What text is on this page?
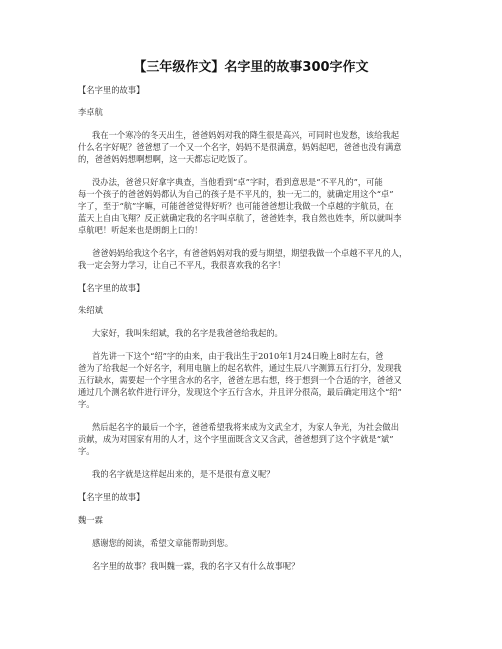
【三年级作文】名字里的故事300字作文
【名字里的故事】
李卓航
我在一个寒冷的冬天出生，爸爸妈妈对我的降生很是高兴，可同时也发愁，该给我起
什么名字好呢？爸爸想了一个又一个名字，妈妈不是很满意，妈妈起吧，爸爸也没有满意
的，爸爸妈妈想啊想啊，这一天都忘记吃饭了。
没办法，爸爸只好拿字典查，当他看到“卓”字时，看到意思是“不平凡的”，可能
每一个孩子的爸爸妈妈都认为自己的孩子是不平凡的，独一无二的，就确定用这个“卓”
字了，至于“航”字嘛，可能爸爸觉得好听？也可能爸爸想让我做一个卓越的宇航员，在
蓝天上自由飞翔？反正就确定我的名字叫卓航了，爸爸姓李，我自然也姓李，所以就叫李
卓航吧！听起来也是朗朗上口的！
爸爸妈妈给我这个名字，有爸爸妈妈对我的爱与期望，期望我做一个卓越不平凡的人，
我一定会努力学习，让自己不平凡，我很喜欢我的名字！
【名字里的故事】
朱绍斌
大家好，我叫朱绍斌，我的名字是我爸爸给我起的。
首先讲一下这个“绍”字的由来，由于我出生于2010年1月24日晚上8时左右，爸
爸为了给我起一个好名字，利用电脑上的起名软件，通过生辰八字测算五行打分，发现我
五行缺水，需要起一个字里含水的名字，爸爸左思右想，终于想到一个合适的字，爸爸又
通过几个测名软件进行评分，发现这个字五行含水，并且评分很高，最后确定用这个“绍”
字。
然后起名字的最后一个字，爸爸希望我将来成为文武全才，为家人争光，为社会做出
贡献，成为对国家有用的人才，这个字里面既含文又含武，爸爸想到了这个字就是“斌”
字。
我的名字就是这样起出来的，是不是很有意义呢？
【名字里的故事】
魏一霖
感谢您的阅读，希望文章能帮助到您。
名字里的故事？我叫魏一霖，我的名字又有什么故事呢？
